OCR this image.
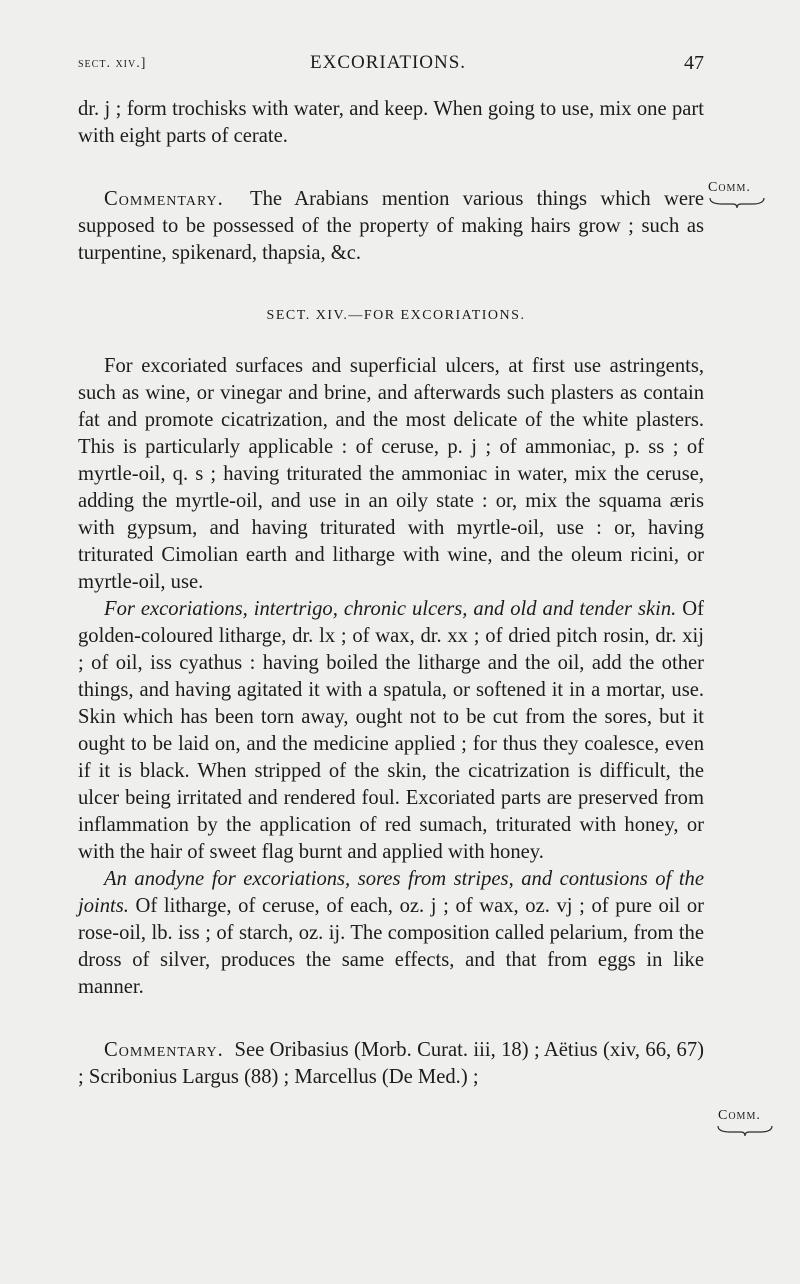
sect. xiv.]	EXCORIATIONS.	47

dr. j ; form trochisks with water, and keep. When going to use, mix one part with eight parts of cerate.

Commentary. The Arabians mention various things which were supposed to be possessed of the property of making hairs grow ; such as turpentine, spikenard, thapsia, &c.

SECT. XIV.—FOR EXCORIATIONS.

For excoriated surfaces and superficial ulcers, at first use astringents, such as wine, or vinegar and brine, and afterwards such plasters as contain fat and promote cicatrization, and the most delicate of the white plasters. This is particularly applicable : of ceruse, p. j ; of ammoniac, p. ss ; of myrtle-oil, q. s ; having triturated the ammoniac in water, mix the ceruse, adding the myrtle-oil, and use in an oily state : or, mix the squama æris with gypsum, and having triturated with myrtle-oil, use : or, having triturated Cimolian earth and litharge with wine, and the oleum ricini, or myrtle-oil, use.

For excoriations, intertrigo, chronic ulcers, and old and tender skin. Of golden-coloured litharge, dr. lx ; of wax, dr. xx ; of dried pitch rosin, dr. xij ; of oil, iss cyathus : having boiled the litharge and the oil, add the other things, and having agitated it with a spatula, or softened it in a mortar, use. Skin which has been torn away, ought not to be cut from the sores, but it ought to be laid on, and the medicine applied ; for thus they coalesce, even if it is black. When stripped of the skin, the cicatrization is difficult, the ulcer being irritated and rendered foul. Excoriated parts are preserved from inflammation by the application of red sumach, triturated with honey, or with the hair of sweet flag burnt and applied with honey.

An anodyne for excoriations, sores from stripes, and contusions of the joints. Of litharge, of ceruse, of each, oz. j ; of wax, oz. vj ; of pure oil or rose-oil, lb. iss ; of starch, oz. ij. The composition called pelarium, from the dross of silver, produces the same effects, and that from eggs in like manner.

Commentary. See Oribasius (Morb. Curat. iii, 18) ; Aëtius (xiv, 66, 67) ; Scribonius Largus (88) ; Marcellus (De Med.) ;

Comm.
Comm.
